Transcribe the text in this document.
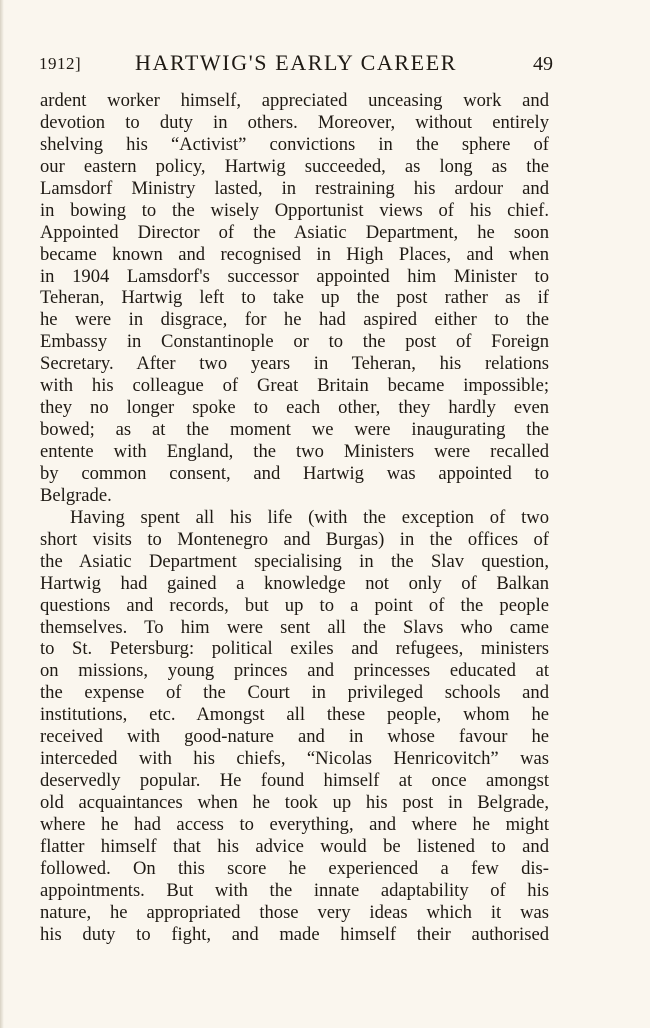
1912]	HARTWIG'S EARLY CAREER	49
ardent worker himself, appreciated unceasing work and
devotion to duty in others. Moreover, without entirely
shelving his “Activist” convictions in the sphere of
our eastern policy, Hartwig succeeded, as long as the
Lamsdorf Ministry lasted, in restraining his ardour and
in bowing to the wisely Opportunist views of his chief.
Appointed Director of the Asiatic Department, he soon
became known and recognised in High Places, and when
in 1904 Lamsdorf's successor appointed him Minister to
Teheran, Hartwig left to take up the post rather as if
he were in disgrace, for he had aspired either to the
Embassy in Constantinople or to the post of Foreign
Secretary. After two years in Teheran, his relations
with his colleague of Great Britain became impossible;
they no longer spoke to each other, they hardly even
bowed; as at the moment we were inaugurating the
entente with England, the two Ministers were recalled
by common consent, and Hartwig was appointed to
Belgrade.
Having spent all his life (with the exception of two
short visits to Montenegro and Burgas) in the offices of
the Asiatic Department specialising in the Slav question,
Hartwig had gained a knowledge not only of Balkan
questions and records, but up to a point of the people
themselves. To him were sent all the Slavs who came
to St. Petersburg: political exiles and refugees, ministers
on missions, young princes and princesses educated at
the expense of the Court in privileged schools and
institutions, etc. Amongst all these people, whom he
received with good-nature and in whose favour he
interceded with his chiefs, “Nicolas Henricovitch” was
deservedly popular. He found himself at once amongst
old acquaintances when he took up his post in Belgrade,
where he had access to everything, and where he might
flatter himself that his advice would be listened to and
followed. On this score he experienced a few dis-
appointments. But with the innate adaptability of his
nature, he appropriated those very ideas which it was
his duty to fight, and made himself their authorised
